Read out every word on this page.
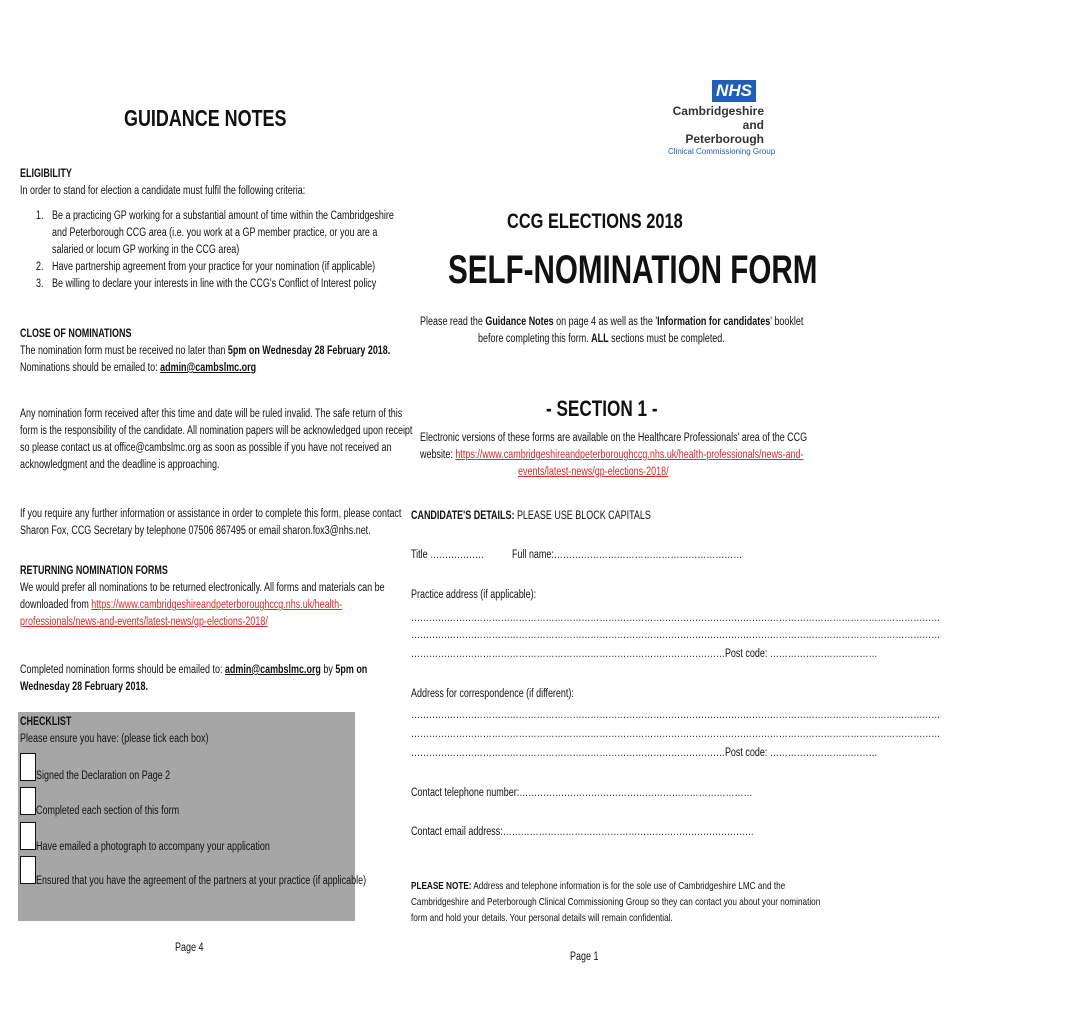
NHS
Cambridgeshire and
Peterborough
Clinical Commissioning Group
GUIDANCE NOTES
ELIGIBILITY
In order to stand for election a candidate must fulfil the following criteria:
1. Be a practicing GP working for a substantial amount of time within the Cambridgeshire
and Peterborough CCG area (i.e. you work at a GP member practice, or you are a
salaried or locum GP working in the CCG area)
2. Have partnership agreement from your practice for your nomination (if applicable)
3. Be willing to declare your interests in line with the CCG's Conflict of Interest policy
CLOSE OF NOMINATIONS
The nomination form must be received no later than 5pm on Wednesday 28 February 2018.
Nominations should be emailed to: admin@cambslmc.org
Any nomination form received after this time and date will be ruled invalid. The safe return of this
form is the responsibility of the candidate. All nomination papers will be acknowledged upon receipt
so please contact us at office@cambslmc.org as soon as possible if you have not received an
acknowledgment and the deadline is approaching.
If you require any further information or assistance in order to complete this form, please contact
Sharon Fox, CCG Secretary by telephone 07506 867495 or email sharon.fox3@nhs.net.
RETURNING NOMINATION FORMS
We would prefer all nominations to be returned electronically. All forms and materials can be
downloaded from https://www.cambridgeshireandpeterboroughccg.nhs.uk/health-
professionals/news-and-events/latest-news/gp-elections-2018/
Completed nomination forms should be emailed to: admin@cambslmc.org by 5pm on
Wednesday 28 February 2018.
CHECKLIST
Please ensure you have: (please tick each box)
Signed the Declaration on Page 2
Completed each section of this form
Have emailed a photograph to accompany your application
Ensured that you have the agreement of the partners at your practice (if applicable)
Page 4
CCG ELECTIONS 2018
SELF-NOMINATION FORM
Please read the Guidance Notes on page 4 as well as the 'Information for candidates' booklet
before completing this form. ALL sections must be completed.
- SECTION 1 -
Electronic versions of these forms are available on the Healthcare Professionals' area of the CCG
website: https://www.cambridgeshireandpeterboroughccg.nhs.uk/health-professionals/news-and-
events/latest-news/gp-elections-2018/
CANDIDATE'S DETAILS: PLEASE USE BLOCK CAPITALS
Title ………………	Full name:………………………………………………………
Practice address (if applicable):
……………………………………………………………………………………………………………………………………………………………
……………………………………………………………………………………………………………………………………………………………
……………………………………………………………………………………………Post code: ………………………………
Address for correspondence (if different):
……………………………………………………………………………………………………………………………………………………………
……………………………………………………………………………………………………………………………………………………………
……………………………………………………………………………………………Post code: ………………………………
Contact telephone number:……………………………………………………………………
Contact email address:…………………………………………………………………………
PLEASE NOTE: Address and telephone information is for the sole use of Cambridgeshire LMC and the
Cambridgeshire and Peterborough Clinical Commissioning Group so they can contact you about your nomination
form and hold your details. Your personal details will remain confidential.
Page 1
